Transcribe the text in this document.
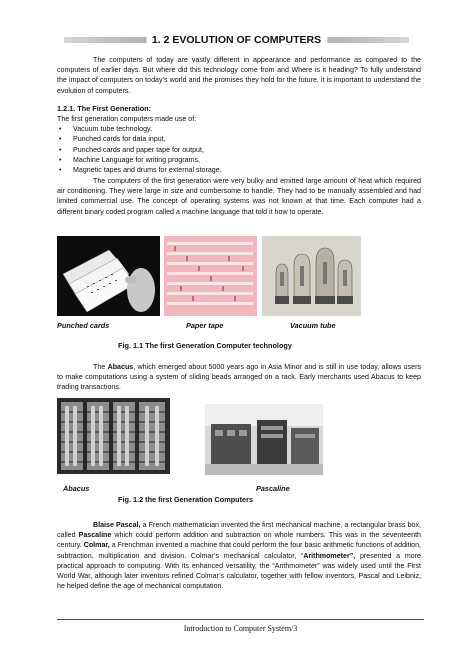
1. 2 EVOLUTION OF COMPUTERS

The computers of today are vastly different in appearance and performance as compared to the computers of earlier days. But where did this technology come from and Where is it heading? To fully understand the impact of computers on today’s world and the promises they hold for the future, it is important to understand the evolution of computers.

1.2.1. The First Generation:
The first generation computers made use of:
• Vacuum tube technology,
• Punched cards for data input,
• Punched cards and paper tape for output,
• Machine Language for writing programs,
• Magnetic tapes and drums for external storage.

The computers of the first generation were very bulky and emitted large amount of heat which required air conditioning. They were large in size and cumbersome to handle. They had to be manually assembled and had limited commercial use. The concept of operating systems was not known at that time. Each computer had a different binary coded program called a machine language that told it how to operate.

Punched cards	Paper tape	Vacuum tube
Fig. 1.1 The first Generation Computer technology

The Abacus, which emerged about 5000 years ago in Asia Minor and is still in use today, allows users to make computations using a system of sliding beads arranged on a rack. Early merchants used Abacus to keep trading transactions.

Abacus	Pascaline
Fig. 1.2 the first Generation Computers

Blaise Pascal, a French mathematician invented the first mechanical machine, a rectangular brass box, called Pascaline which could perform addition and subtraction on whole numbers. This was in the seventeenth century. Colmar, a Frenchman invented a machine that could perform the four basic arithmetic functions of addition, subtraction, multiplication and division. Colmar’s mechanical calculator, “Arithmometer”, presented a more practical approach to computing. With its enhanced versatility, the “Arithmometer” was widely used until the First World War, although later inventors refined Colmar’s calculator, together with fellow inventors, Pascal and Leibniz, he helped define the age of mechanical computation.

Introduction to Computer System/3
